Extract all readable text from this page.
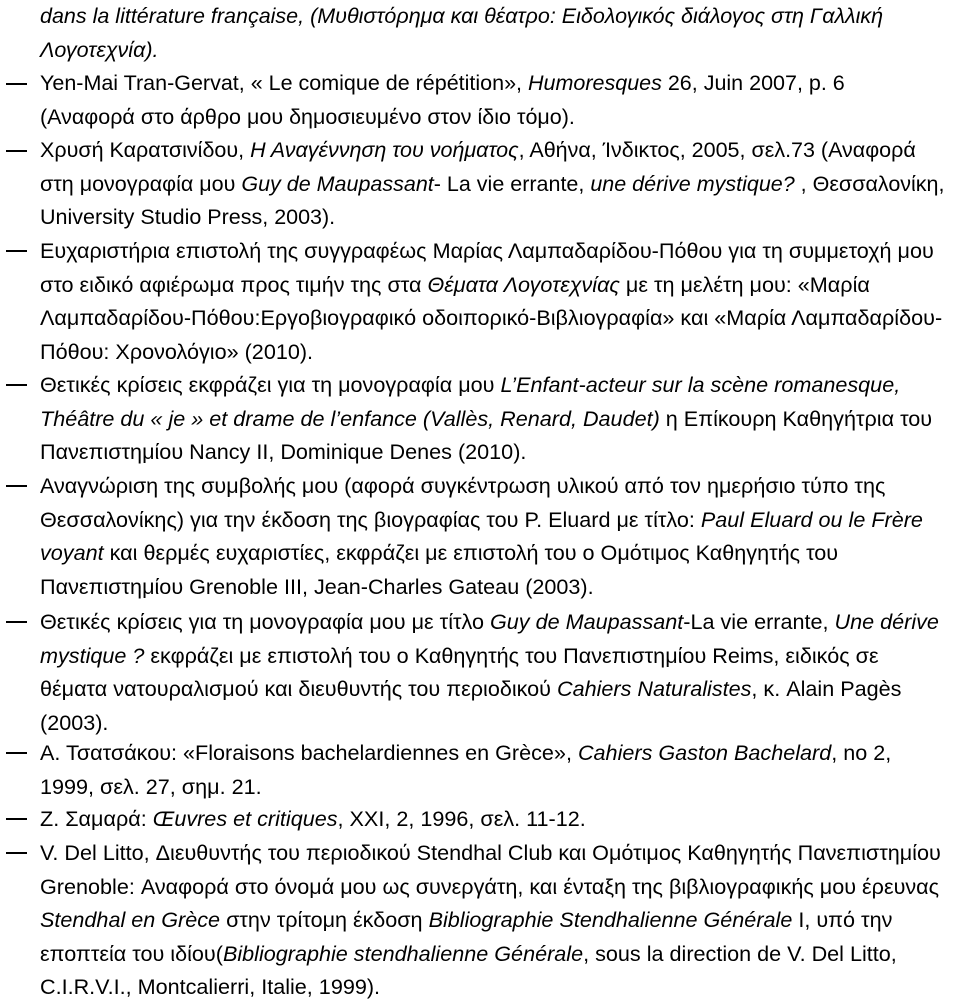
dans la littérature française, (Μυθιστόρημα και θέατρο: Ειδολογικός διάλογος στη Γαλλική Λογοτεχνία).
Yen-Mai Tran-Gervat, « Le comique de répétition», Humoresques 26, Juin 2007, p. 6 (Αναφορά στο άρθρο μου δημοσιευμένο στον ίδιο τόμο).
Χρυσή Καρατσινίδου, Η Αναγέννηση του νοήματος, Αθήνα, Ίνδικτος, 2005, σελ.73 (Αναφορά στη μονογραφία μου Guy de Maupassant- La vie errante, une dérive mystique? , Θεσσαλονίκη, University Studio Press, 2003).
Ευχαριστήρια επιστολή της συγγραφέως Μαρίας Λαμπαδαρίδου-Πόθου για τη συμμετοχή μου στο ειδικό αφιέρωμα προς τιμήν της στα Θέματα Λογοτεχνίας με τη μελέτη μου: «Μαρία Λαμπαδαρίδου-Πόθου:Εργοβιογραφικό οδοιπορικό-Βιβλιογραφία» και «Μαρία Λαμπαδαρίδου-Πόθου: Χρονολόγιο» (2010).
Θετικές κρίσεις εκφράζει για τη μονογραφία μου L’Enfant-acteur sur la scène romanesque, Théâtre du « je » et drame de l’enfance (Vallès, Renard, Daudet) η Επίκουρη Καθηγήτρια του Πανεπιστημίου Nancy II, Dominique Denes (2010).
Αναγνώριση της συμβολής μου (αφορά συγκέντρωση υλικού από τον ημερήσιο τύπο της Θεσσαλονίκης) για την έκδοση της βιογραφίας του P. Eluard με τίτλο: Paul Eluard ou le Frère voyant και θερμές ευχαριστίες, εκφράζει με επιστολή του ο Ομότιμος Καθηγητής του Πανεπιστημίου Grenoble III, Jean-Charles Gateau (2003).
Θετικές κρίσεις για τη μονογραφία μου με τίτλο Guy de Maupassant-La vie errante, Une dérive mystique ? εκφράζει με επιστολή του ο Καθηγητής του Πανεπιστημίου Reims, ειδικός σε θέματα νατουραλισμού και διευθυντής του περιοδικού Cahiers Naturalistes, κ. Alain Pagès (2003).
Α. Τσατσάκου: «Floraisons bachelardiennes en Grèce», Cahiers Gaston Bachelard, no 2, 1999, σελ. 27, σημ. 21.
Ζ. Σαμαρά: Œuvres et critiques, XXI, 2, 1996, σελ. 11-12.
V. Del Litto, Διευθυντής του περιοδικού Stendhal Club και Ομότιμος Καθηγητής Πανεπιστημίου Grenoble: Αναφορά στο όνομά μου ως συνεργάτη, και ένταξη της βιβλιογραφικής μου έρευνας Stendhal en Grèce στην τρίτομη έκδοση Bibliographie Stendhalienne Générale I, υπό την εποπτεία του ιδίου(Bibliographie stendhalienne Générale, sous la direction de V. Del Litto, C.I.R.V.I., Montcalierri, Italie, 1999).
